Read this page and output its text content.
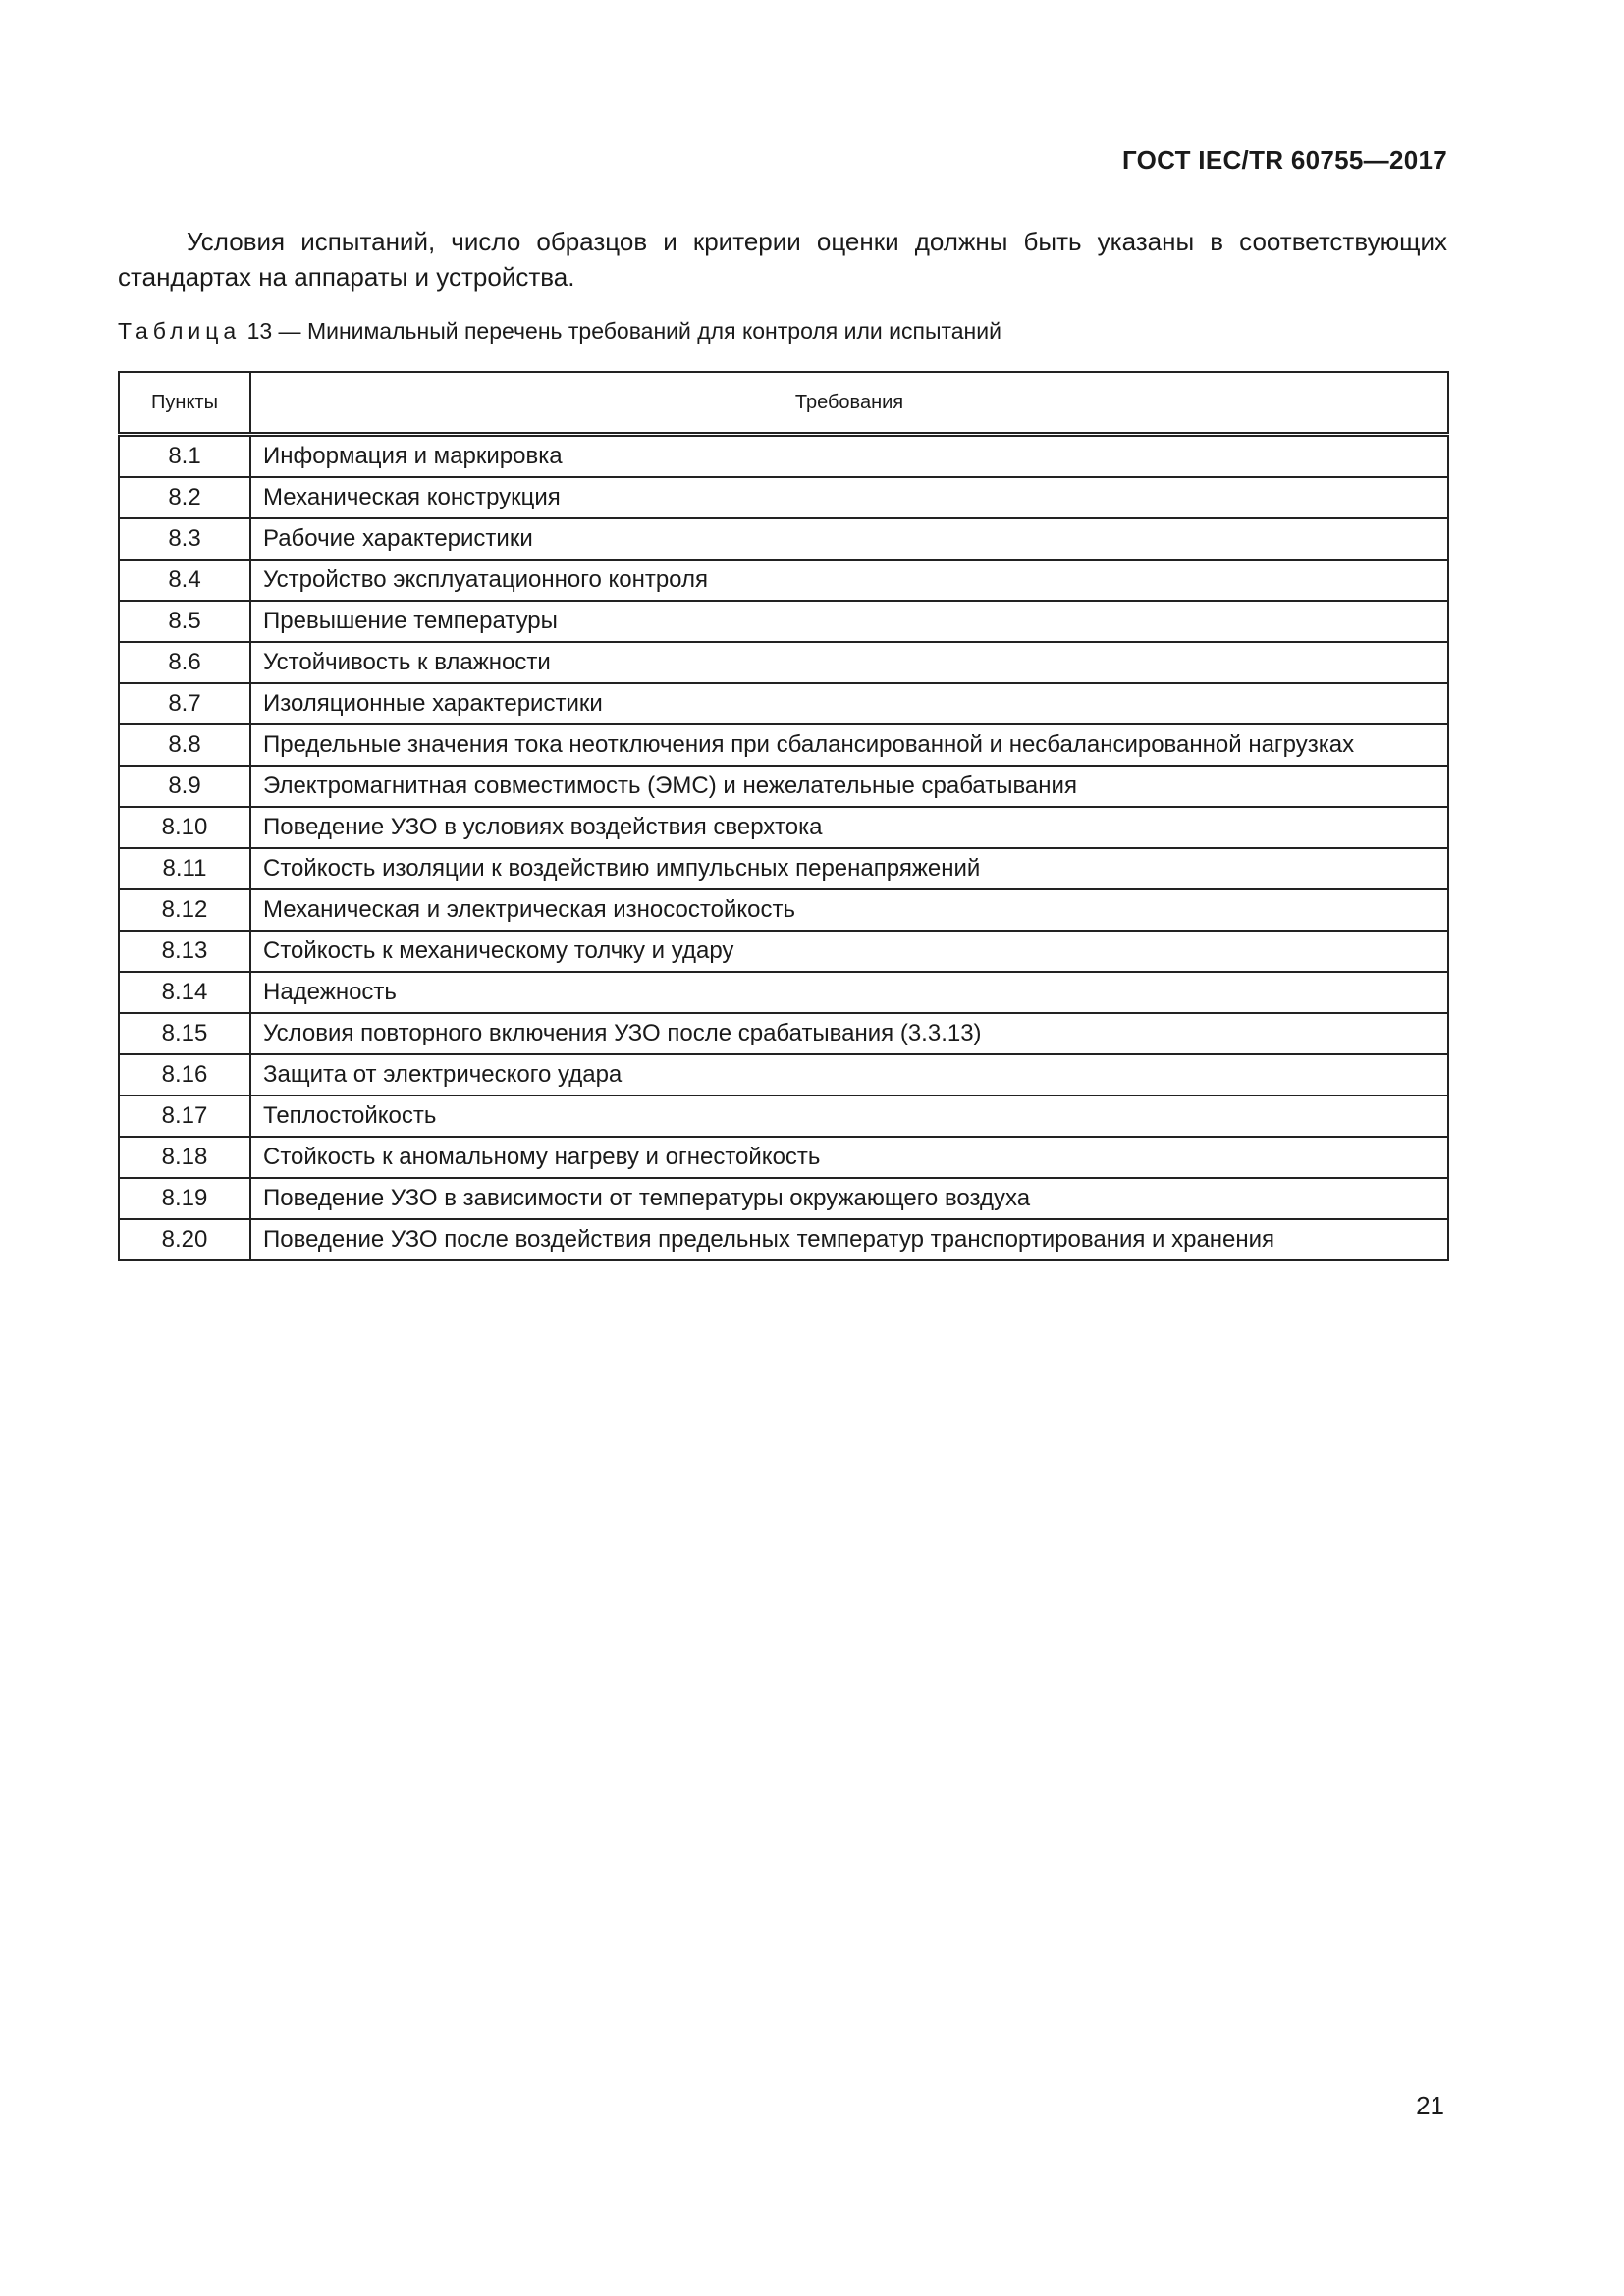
ГОСТ IEC/TR 60755—2017

Условия испытаний, число образцов и критерии оценки должны быть указаны в соответствующих стандартах на аппараты и устройства.

Таблица 13 — Минимальный перечень требований для контроля или испытаний
Пункты	Требования
8.1	Информация и маркировка
8.2	Механическая конструкция
8.3	Рабочие характеристики
8.4	Устройство эксплуатационного контроля
8.5	Превышение температуры
8.6	Устойчивость к влажности
8.7	Изоляционные характеристики
8.8	Предельные значения тока неотключения при сбалансированной и несбалансированной нагрузках
8.9	Электромагнитная совместимость (ЭМС) и нежелательные срабатывания
8.10	Поведение УЗО в условиях воздействия сверхтока
8.11	Стойкость изоляции к воздействию импульсных перенапряжений
8.12	Механическая и электрическая износостойкость
8.13	Стойкость к механическому толчку и удару
8.14	Надежность
8.15	Условия повторного включения УЗО после срабатывания (3.3.13)
8.16	Защита от электрического удара
8.17	Теплостойкость
8.18	Стойкость к аномальному нагреву и огнестойкость
8.19	Поведение УЗО в зависимости от температуры окружающего воздуха
8.20	Поведение УЗО после воздействия предельных температур транспортирования и хранения
21
